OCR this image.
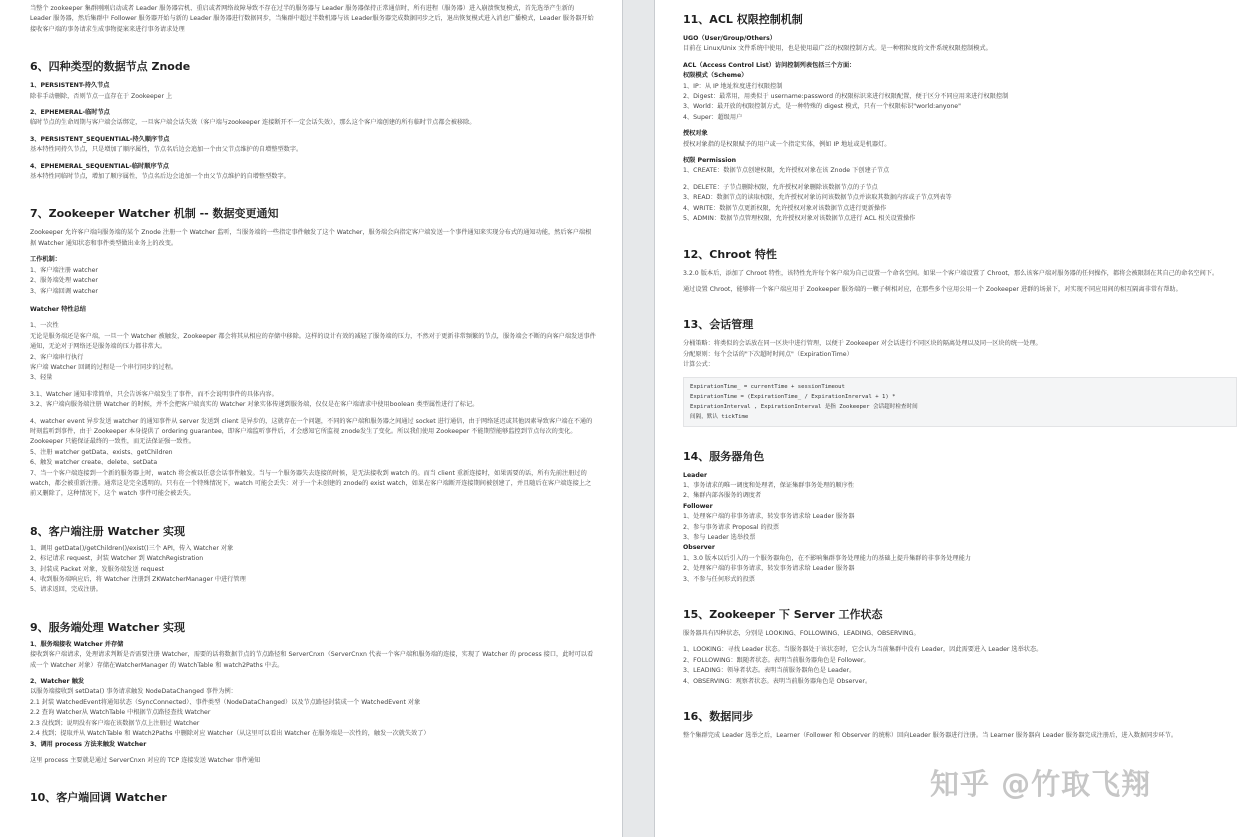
当整个 zookeeper 集群刚刚启动或者 Leader 服务器宕机、重启或者网络故障导致不存在过半的服务器与 Leader 服务器保持正常通信时，所有进程（服务器）进入崩溃恢复模式，首先选举产生新的 Leader 服务器，然后集群中 Follower 服务器开始与新的 Leader 服务器进行数据同步，当集群中超过半数机器与该 Leader服务器完成数据同步之后，退出恢复模式进入消息广播模式，Leader 服务器开始接收客户端的事务请求生成事物提案来进行事务请求处理
6、四种类型的数据节点 Znode
1、PERSISTENT-持久节点
除非手动删除，否则节点一直存在于 Zookeeper 上
2、EPHEMERAL-临时节点
临时节点的生命周期与客户端会话绑定，一旦客户端会话失效（客户端与zookeeper 连接断开不一定会话失效），那么这个客户端创建的所有临时节点都会被移除。
3、PERSISTENT_SEQUENTIAL-持久顺序节点
基本特性同持久节点，只是增加了顺序属性，节点名后边会追加一个由父节点维护的自增整型数字。
4、EPHEMERAL_SEQUENTIAL-临时顺序节点
基本特性同临时节点，增加了顺序属性，节点名后边会追加一个由父节点维护的自增整型数字。
7、Zookeeper Watcher 机制 -- 数据变更通知
Zookeeper 允许客户端向服务端的某个 Znode 注册一个 Watcher 监听，当服务端的一些指定事件触发了这个 Watcher，服务端会向指定客户端发送一个事件通知来实现分布式的通知功能，然后客户端根据 Watcher 通知状态和事件类型做出业务上的改变。
工作机制：
1、客户端注册 watcher
2、服务端处理 watcher
3、客户端回调 watcher
Watcher 特性总结
1、一次性
无论是服务端还是客户端，一旦一个 Watcher 被触发，Zookeeper 都会将其从相应的存储中移除。这样的设计有效的减轻了服务端的压力，不然对于更新非常频繁的节点，服务端会不断的向客户端发送事件通知，无论对于网络还是服务端的压力都非常大。
2、客户端串行执行
客户端 Watcher 回调的过程是一个串行同步的过程。
3、轻量
3.1、Watcher 通知非常简单，只会告诉客户端发生了事件，而不会说明事件的具体内容。
3.2、客户端向服务端注册 Watcher 的时候，并不会把客户端真实的 Watcher 对象实体传递到服务端，仅仅是在客户端请求中使用boolean 类型属性进行了标记。
4、watcher event 异步发送 watcher 的通知事件从 server 发送到 client 是异步的，这就存在一个问题，不同的客户端和服务器之间通过 socket 进行通信，由于网络延迟或其他因素导致客户端在不通的时刻监听到事件，由于 Zookeeper 本身提供了 ordering guarantee，即客户端监听事件后，才会感知它所监视 znode发生了变化。所以我们使用 Zookeeper 不能期望能够监控到节点每次的变化。Zookeeper 只能保证最终的一致性，而无法保证强一致性。
5、注册 watcher getData、exists、getChildren
6、触发 watcher create、delete、setData
7、当一个客户端连接到一个新的服务器上时，watch 将会被以任意会话事件触发。当与一个服务器失去连接的时候，是无法接收到 watch 的。而当 client 重新连接时，如果需要的话，所有先前注册过的 watch，都会被重新注册。通常这是完全透明的。只有在一个特殊情况下，watch 可能会丢失：对于一个未创建的 znode的 exist watch，如果在客户端断开连接期间被创建了，并且随后在客户端连接上之前又删除了，这种情况下，这个 watch 事件可能会被丢失。
8、客户端注册 Watcher 实现
1、调用 getData()/getChildren()/exist()三个 API，传入 Watcher 对象
2、标记请求 request，封装 Watcher 到 WatchRegistration
3、封装成 Packet 对象，发服务端发送 request
4、收到服务端响应后，将 Watcher 注册到 ZKWatcherManager 中进行管理
5、请求返回，完成注册。
9、服务端处理 Watcher 实现
1、服务端接收 Watcher 并存储
接收到客户端请求，处理请求判断是否需要注册 Watcher，需要的话将数据节点的节点路径和 ServerCnxn（ServerCnxn 代表一个客户端和服务端的连接，实现了 Watcher 的 process 接口，此时可以看成一个 Watcher 对象）存储在WatcherManager 的 WatchTable 和 watch2Paths 中去。
2、Watcher 触发
以服务端接收到 setData() 事务请求触发 NodeDataChanged 事件为例：
2.1 封装 WatchedEvent将通知状态（SyncConnected）、事件类型（NodeDataChanged）以及节点路径封装成一个 WatchedEvent 对象
2.2 查询 Watcher从 WatchTable 中根据节点路径查找 Watcher
2.3 没找到；说明没有客户端在该数据节点上注册过 Watcher
2.4 找到；提取并从 WatchTable 和 Watch2Paths 中删除对应 Watcher（从这里可以看出 Watcher 在服务端是一次性的，触发一次就失效了）
3、调用 process 方法来触发 Watcher
这里 process 主要就是通过 ServerCnxn 对应的 TCP 连接发送 Watcher 事件通知
10、客户端回调 Watcher
11、ACL 权限控制机制
UGO（User/Group/Others）
目前在 Linux/Unix 文件系统中使用，也是使用最广泛的权限控制方式。是一种粗粒度的文件系统权限控制模式。
ACL（Access Control List）访问控制列表包括三个方面：
权限模式（Scheme）
1、IP：从 IP 地址粒度进行权限控制
2、Digest：最常用，用类似于 username:password 的权限标识来进行权限配置，便于区分不同应用来进行权限控制
3、World：最开放的权限控制方式，是一种特殊的 digest 模式，只有一个权限标识"world:anyone"
4、Super：超级用户
授权对象
授权对象指的是权限赋予的用户或一个指定实体，例如 IP 地址或是机器灯。
权限 Permission
1、CREATE：数据节点创建权限，允许授权对象在该 Znode 下创建子节点
2、DELETE：子节点删除权限，允许授权对象删除该数据节点的子节点
3、READ：数据节点的读取权限，允许授权对象访问该数据节点并读取其数据内容或子节点列表等
4、WRITE：数据节点更新权限，允许授权对象对该数据节点进行更新操作
5、ADMIN：数据节点管理权限，允许授权对象对该数据节点进行 ACL 相关设置操作
12、Chroot 特性
3.2.0 版本后，添加了 Chroot 特性，该特性允许每个客户端为自己设置一个命名空间。如果一个客户端设置了 Chroot，那么该客户端对服务器的任何操作，都将会被限制在其自己的命名空间下。
通过设置 Chroot，能够将一个客户端应用于 Zookeeper 服务端的一颗子树相对应，在那些多个应用公用一个 Zookeeper 进群的场景下，对实现不同应用间的相互隔离非常有帮助。
13、会话管理
分桶策略：将类似的会话放在同一区块中进行管理，以便于 Zookeeper 对会话进行不同区块的隔离处理以及同一区块的统一处理。
分配原则：每个会话的"下次超时时间点"（ExpirationTime）
计算公式：
ExpirationTime_ = currentTime + sessionTimeout
ExpirationTime = (ExpirationTime_ / ExpirationInrerval + 1) *
ExpirationInterval , ExpirationInterval 是指 Zookeeper 会话超时检查时间
间隔，默认 tickTime
14、服务器角色
Leader
1、事务请求的唯一调度和处理者，保证集群事务处理的顺序性
2、集群内部各服务的调度者
Follower
1、处理客户端的非事务请求，转发事务请求给 Leader 服务器
2、参与事务请求 Proposal 的投票
3、参与 Leader 选举投票
Observer
1、3.0 版本以后引入的一个服务器角色，在不影响集群事务处理能力的基础上提升集群的非事务处理能力
2、处理客户端的非事务请求，转发事务请求给 Leader 服务器
3、不参与任何形式的投票
15、Zookeeper 下 Server 工作状态
服务器具有四种状态，分别是 LOOKING、FOLLOWING、LEADING、OBSERVING。
1、LOOKING：寻找 Leader 状态。当服务器处于该状态时，它会认为当前集群中没有 Leader，因此需要进入 Leader 选举状态。
2、FOLLOWING：跟随者状态。表明当前服务器角色是 Follower。
3、LEADING：领导者状态。表明当前服务器角色是 Leader。
4、OBSERVING：观察者状态。表明当前服务器角色是 Observer。
16、数据同步
整个集群完成 Leader 选举之后，Learner（Follower 和 Observer 的统称）回向Leader 服务器进行注册。当 Learner 服务器向 Leader 服务器完成注册后，进入数据同步环节。
知乎 @竹取飞翔
